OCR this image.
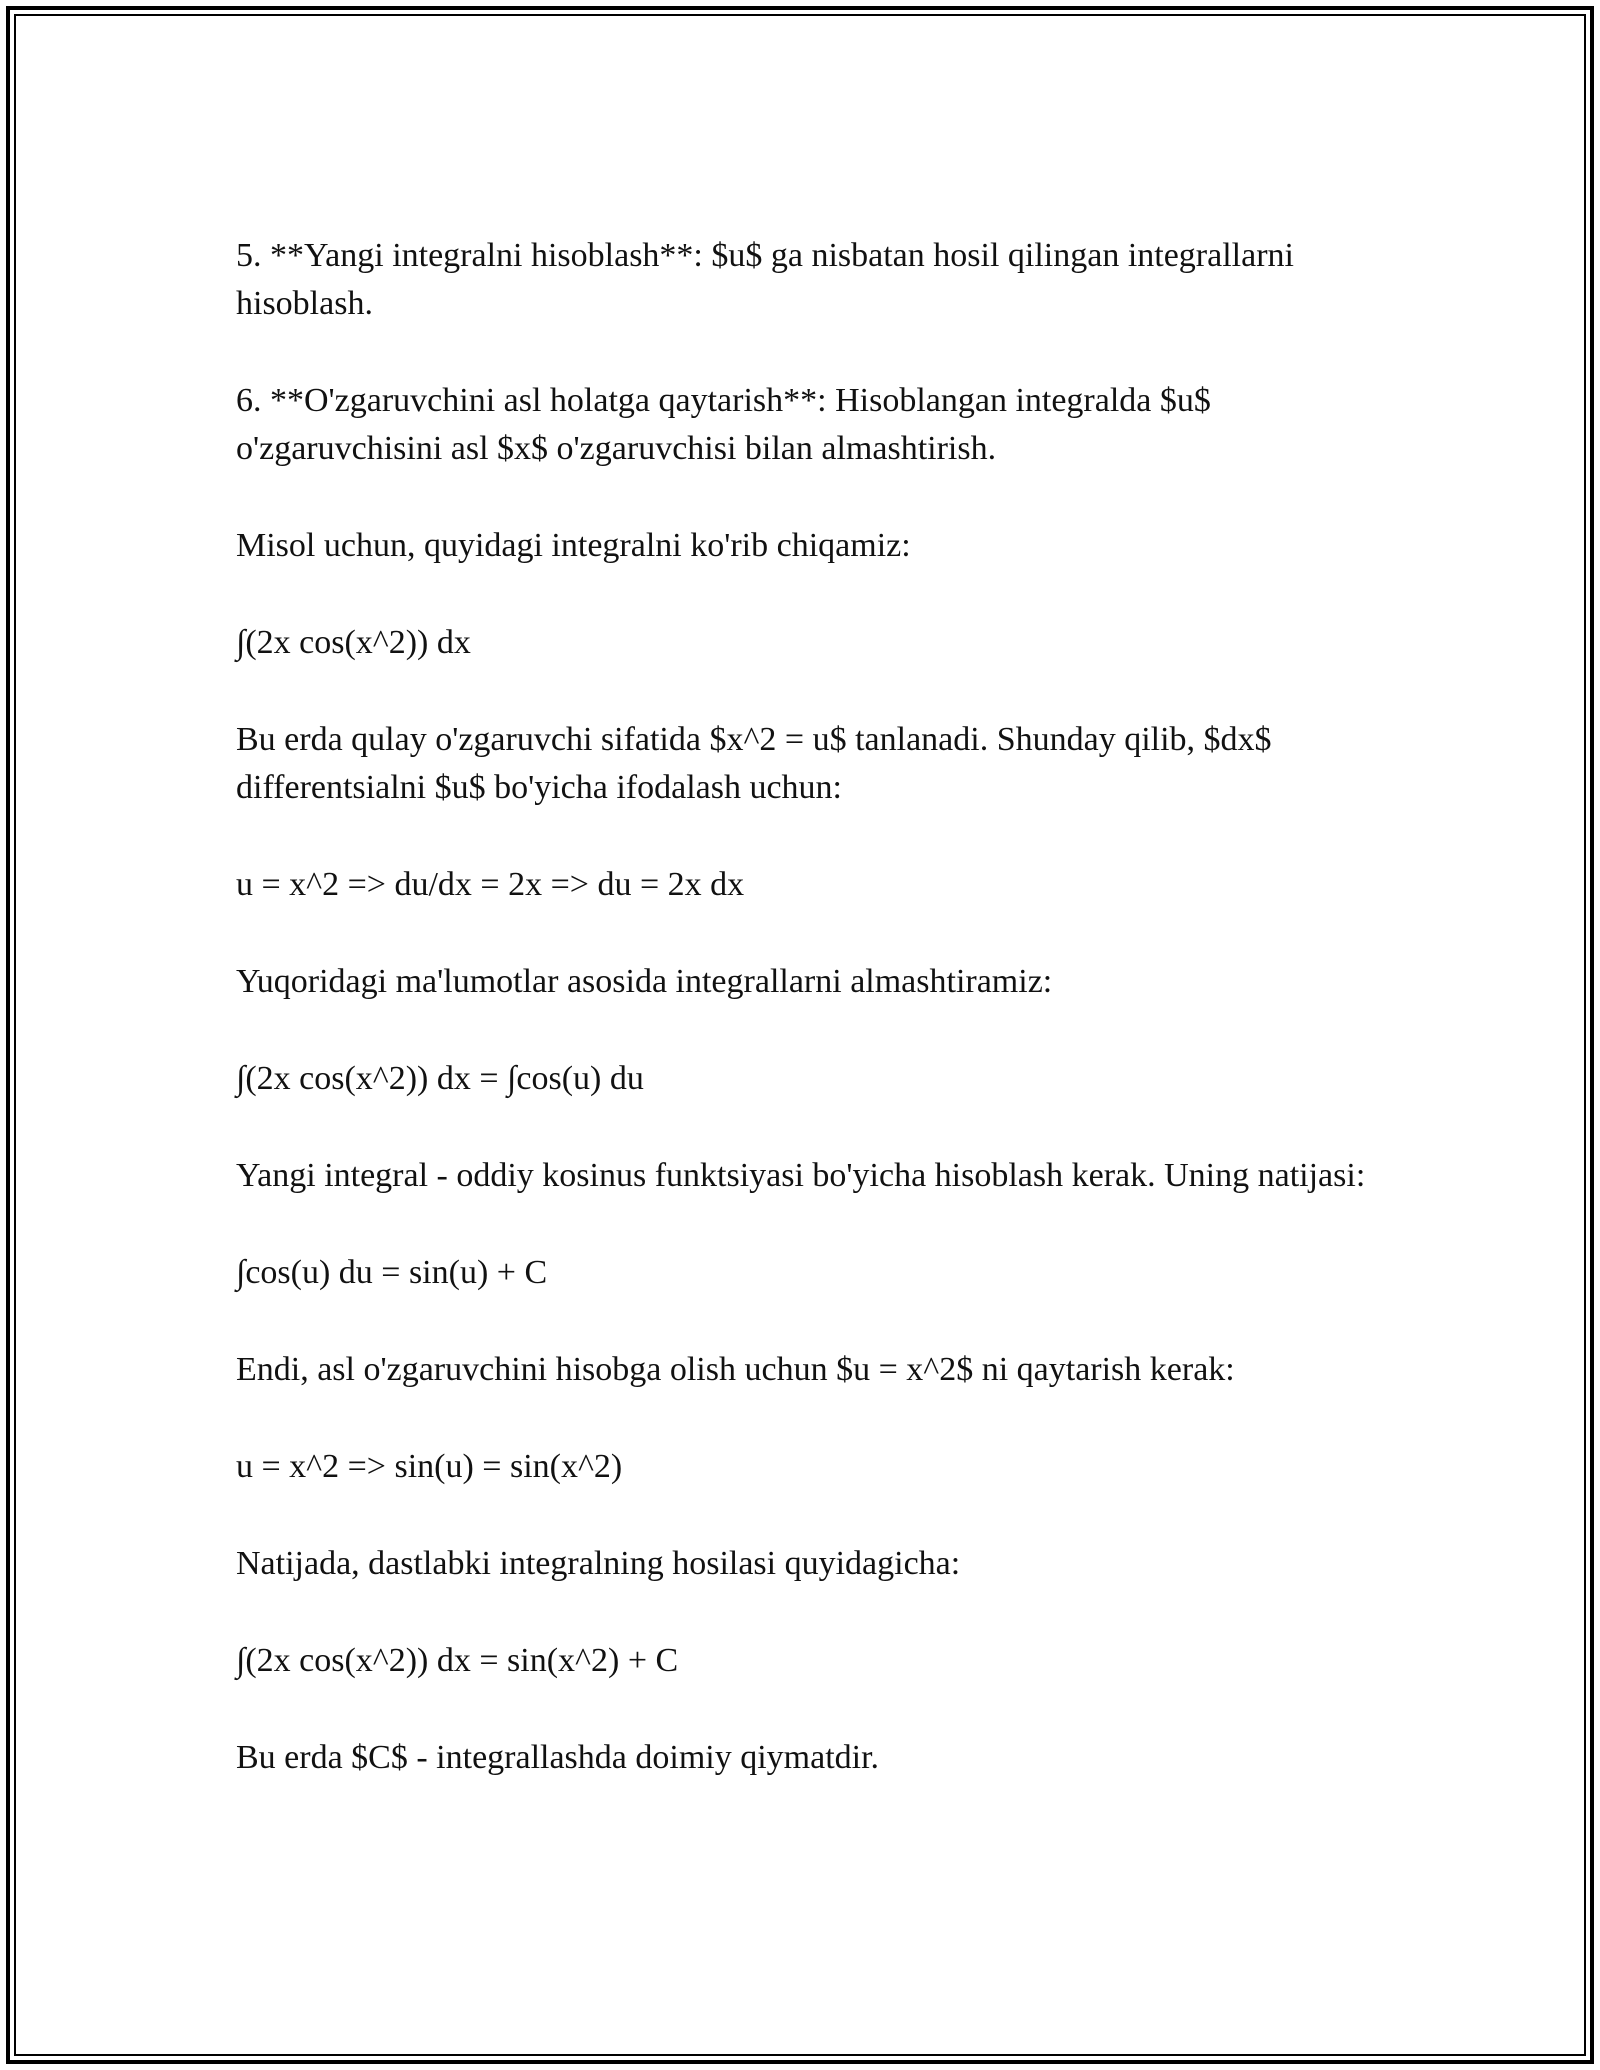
5. **Yangi integralni hisoblash**: $u$ ga nisbatan hosil qilingan integrallarni hisoblash.

6. **O'zgaruvchini asl holatga qaytarish**: Hisoblangan integralda $u$ o'zgaruvchisini asl $x$ o'zgaruvchisi bilan almashtirish.

Misol uchun, quyidagi integralni ko'rib chiqamiz:

∫(2x cos(x^2)) dx

Bu erda qulay o'zgaruvchi sifatida $x^2 = u$ tanlanadi. Shunday qilib, $dx$ differentsialni $u$ bo'yicha ifodalash uchun:

u = x^2 => du/dx = 2x => du = 2x dx

Yuqoridagi ma'lumotlar asosida integrallarni almashtiramiz:

∫(2x cos(x^2)) dx = ∫cos(u) du

Yangi integral - oddiy kosinus funktsiyasi bo'yicha hisoblash kerak. Uning natijasi:

∫cos(u) du = sin(u) + C

Endi, asl o'zgaruvchini hisobga olish uchun $u = x^2$ ni qaytarish kerak:

u = x^2 => sin(u) = sin(x^2)

Natijada, dastlabki integralning hosilasi quyidagicha:

∫(2x cos(x^2)) dx = sin(x^2) + C

Bu erda $C$ - integrallashda doimiy qiymatdir.
